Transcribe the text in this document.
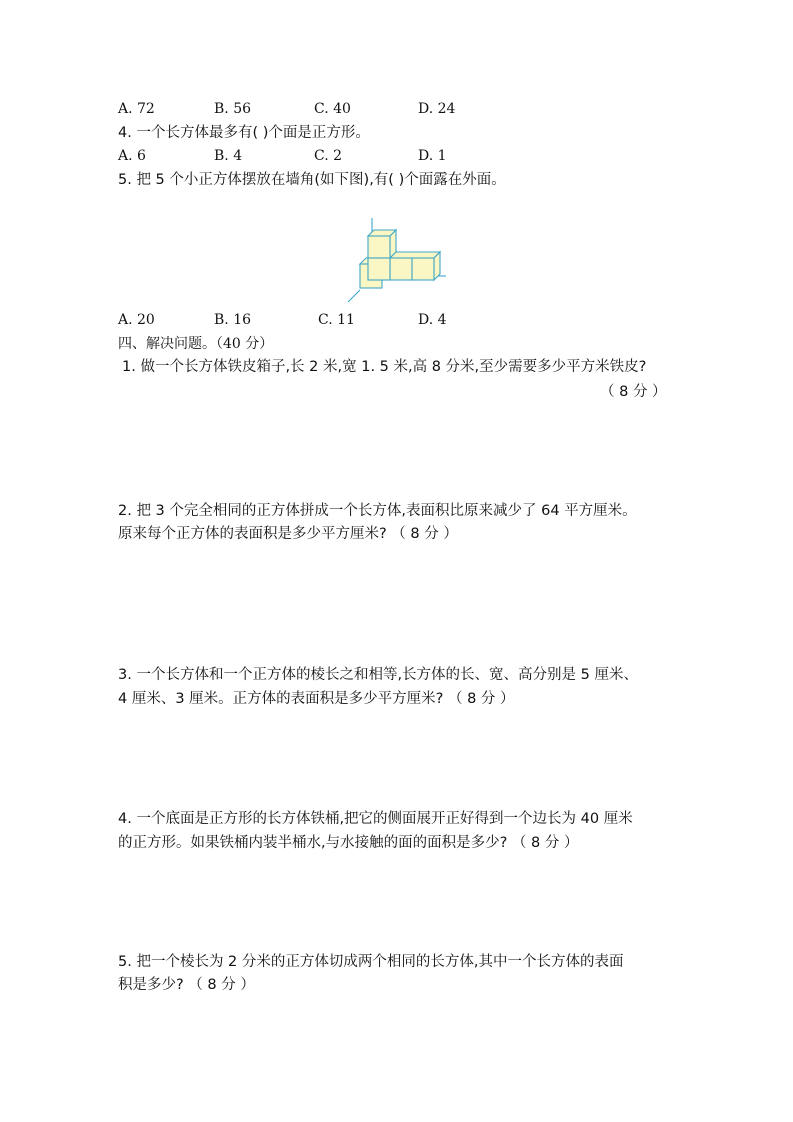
A. 72	B. 56	C. 40	D. 24
4. 一个长方体最多有( )个面是正方形。
A. 6	B. 4	C. 2	D. 1
5. 把 5 个小正方体摆放在墙角(如下图),有( )个面露在外面。
A. 20	B. 16	C. 11	D. 4
四、解决问题。（40 分）
1. 做一个长方体铁皮箱子,长 2 米,宽 1. 5 米,高 8 分米,至少需要多少平方米铁皮?
（ 8 分 ）
2. 把 3 个完全相同的正方体拼成一个长方体,表面积比原来减少了 64 平方厘米。
原来每个正方体的表面积是多少平方厘米? （ 8 分 ）
3. 一个长方体和一个正方体的棱长之和相等,长方体的长、宽、高分别是 5 厘米、
4 厘米、3 厘米。正方体的表面积是多少平方厘米? （ 8 分 ）
4. 一个底面是正方形的长方体铁桶,把它的侧面展开正好得到一个边长为 40 厘米
的正方形。如果铁桶内装半桶水,与水接触的面的面积是多少? （ 8 分 ）
5. 把一个棱长为 2 分米的正方体切成两个相同的长方体,其中一个长方体的表面
积是多少? （ 8 分 ）
